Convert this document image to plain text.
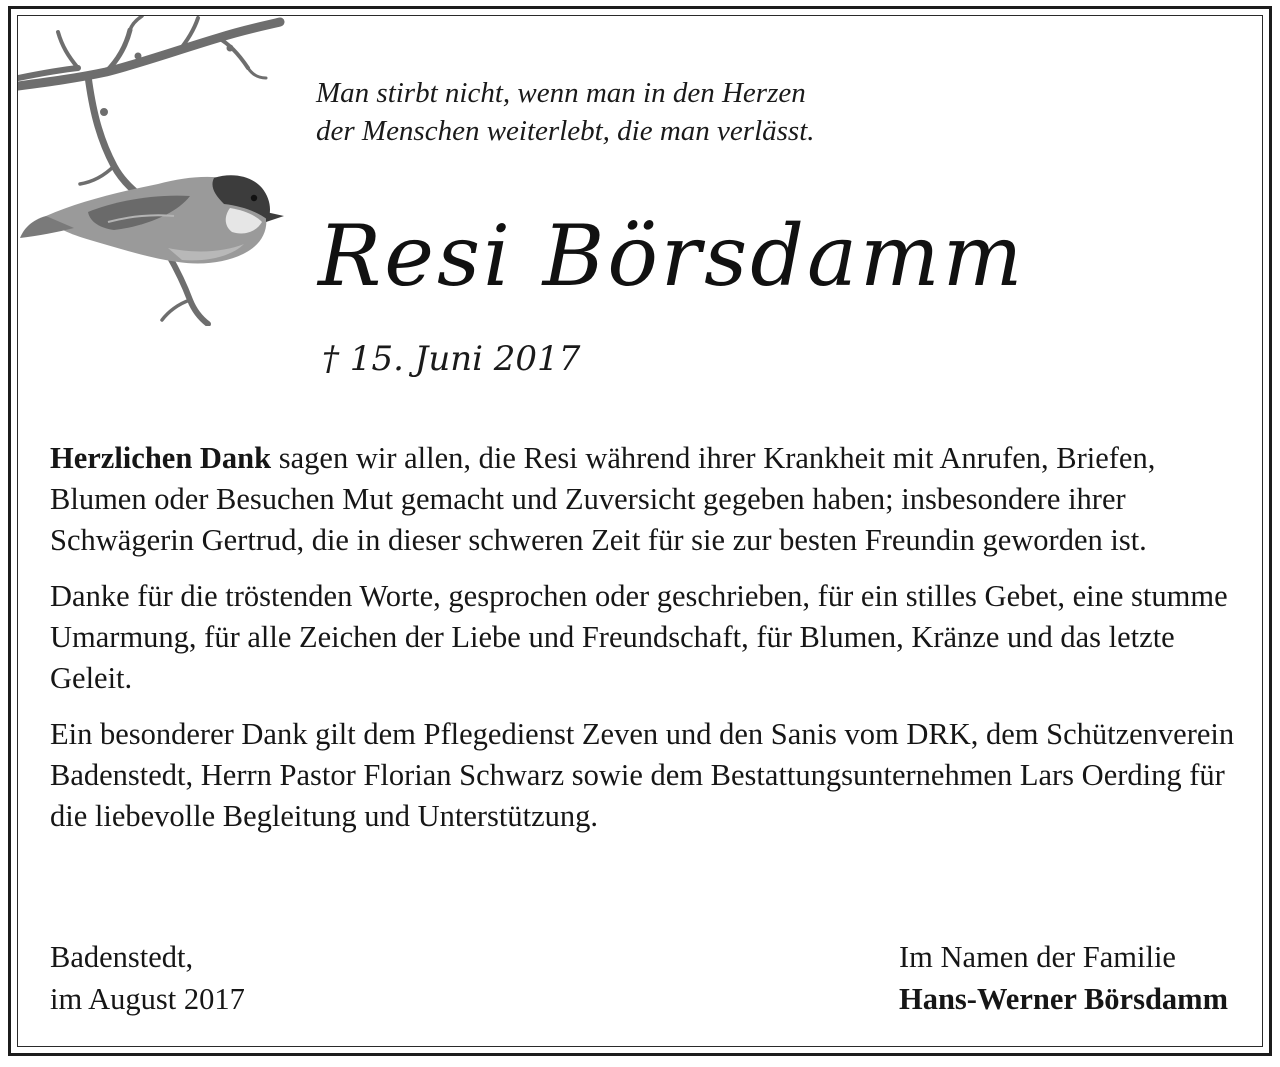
Man stirbt nicht, wenn man in den Herzen
der Menschen weiterlebt, die man verlässt.
Resi Börsdamm
† 15. Juni 2017

Herzlichen Dank sagen wir allen, die Resi während ihrer Krankheit mit Anrufen, Briefen, Blumen oder Besuchen Mut gemacht und Zuversicht gegeben haben; insbesondere ihrer Schwägerin Gertrud, die in dieser schweren Zeit für sie zur besten Freundin geworden ist.

Danke für die tröstenden Worte, gesprochen oder geschrieben, für ein stilles Gebet, eine stumme Umarmung, für alle Zeichen der Liebe und Freundschaft, für Blumen, Kränze und das letzte Geleit.

Ein besonderer Dank gilt dem Pflegedienst Zeven und den Sanis vom DRK, dem Schützenverein Badenstedt, Herrn Pastor Florian Schwarz sowie dem Bestattungsunternehmen Lars Oerding für die liebevolle Begleitung und Unterstützung.

Badenstedt,
im August 2017
Im Namen der Familie
Hans-Werner Börsdamm
